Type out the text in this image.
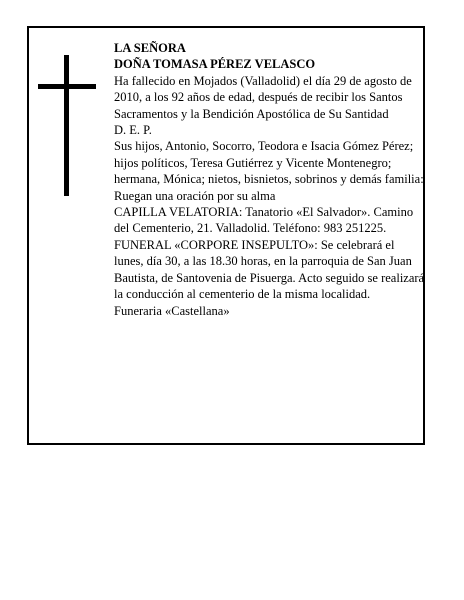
LA SEÑORA

DOÑA TOMASA PÉREZ VELASCO

Ha fallecido en Mojados (Valladolid) el día 29 de agosto de 2010, a los 92 años de edad, después de recibir los Santos Sacramentos y la Bendición Apostólica de Su Santidad

D. E. P.

Sus hijos, Antonio, Socorro, Teodora e Isacia Gómez Pérez; hijos políticos, Teresa Gutiérrez y Vicente Montenegro; hermana, Mónica; nietos, bisnietos, sobrinos y demás familia:

Ruegan una oración por su alma

CAPILLA VELATORIA: Tanatorio «El Salvador». Camino del Cementerio, 21. Valladolid. Teléfono: 983 251225.

FUNERAL «CORPORE INSEPULTO»: Se celebrará el lunes, día 30, a las 18.30 horas, en la parroquia de San Juan Bautista, de Santovenia de Pisuerga. Acto seguido se realizará la conducción al cementerio de la misma localidad.

Funeraria «Castellana»
